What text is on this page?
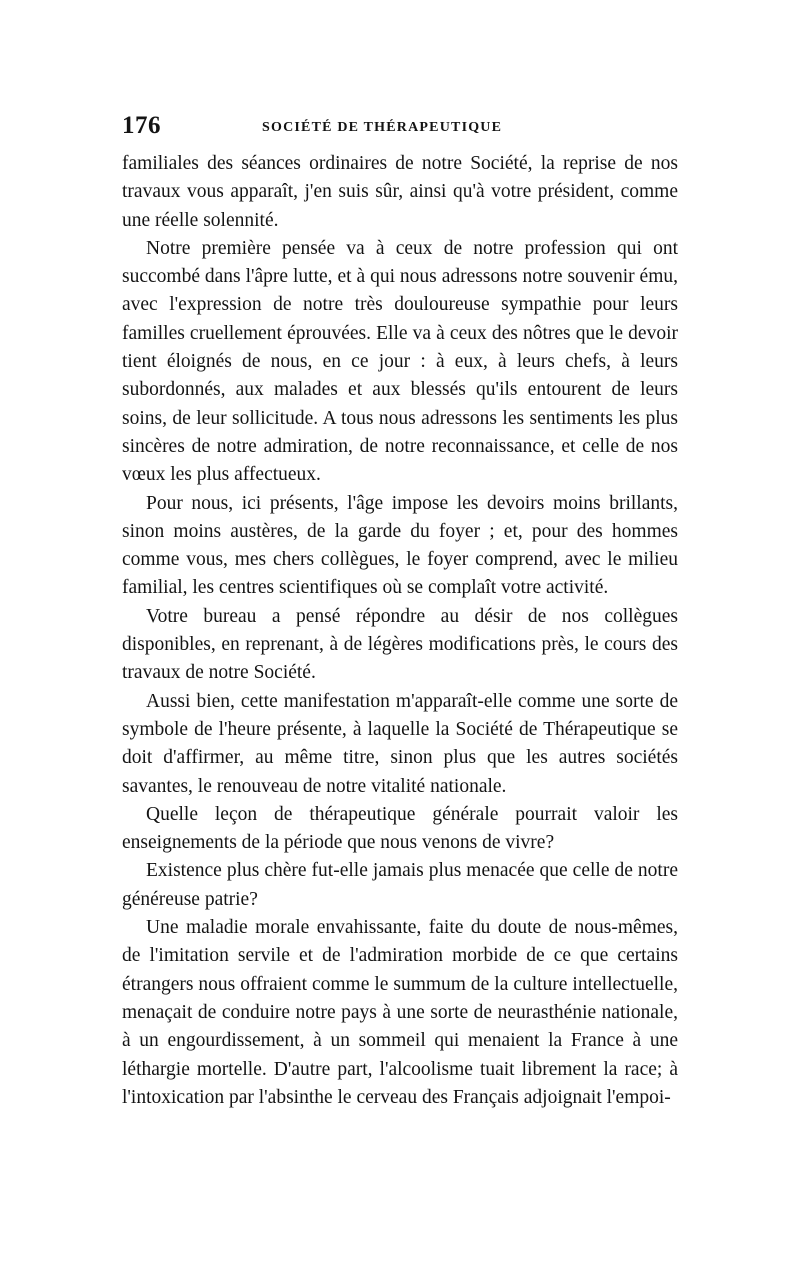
176	SOCIÉTÉ DE THÉRAPEUTIQUE

familiales des séances ordinaires de notre Société, la reprise de nos travaux vous apparaît, j'en suis sûr, ainsi qu'à votre président, comme une réelle solennité.

Notre première pensée va à ceux de notre profession qui ont succombé dans l'âpre lutte, et à qui nous adressons notre souvenir ému, avec l'expression de notre très douloureuse sympathie pour leurs familles cruellement éprouvées. Elle va à ceux des nôtres que le devoir tient éloignés de nous, en ce jour : à eux, à leurs chefs, à leurs subordonnés, aux malades et aux blessés qu'ils entourent de leurs soins, de leur sollicitude. A tous nous adressons les sentiments les plus sincères de notre admiration, de notre reconnaissance, et celle de nos vœux les plus affectueux.

Pour nous, ici présents, l'âge impose les devoirs moins brillants, sinon moins austères, de la garde du foyer ; et, pour des hommes comme vous, mes chers collègues, le foyer comprend, avec le milieu familial, les centres scientifiques où se complaît votre activité.

Votre bureau a pensé répondre au désir de nos collègues disponibles, en reprenant, à de légères modifications près, le cours des travaux de notre Société.

Aussi bien, cette manifestation m'apparaît-elle comme une sorte de symbole de l'heure présente, à laquelle la Société de Thérapeutique se doit d'affirmer, au même titre, sinon plus que les autres sociétés savantes, le renouveau de notre vitalité nationale.

Quelle leçon de thérapeutique générale pourrait valoir les enseignements de la période que nous venons de vivre?

Existence plus chère fut-elle jamais plus menacée que celle de notre généreuse patrie?

Une maladie morale envahissante, faite du doute de nous-mêmes, de l'imitation servile et de l'admiration morbide de ce que certains étrangers nous offraient comme le summum de la culture intellectuelle, menaçait de conduire notre pays à une sorte de neurasthénie nationale, à un engourdissement, à un sommeil qui menaient la France à une léthargie mortelle. D'autre part, l'alcoolisme tuait librement la race; à l'intoxication par l'absinthe le cerveau des Français adjoignait l'empoi-
